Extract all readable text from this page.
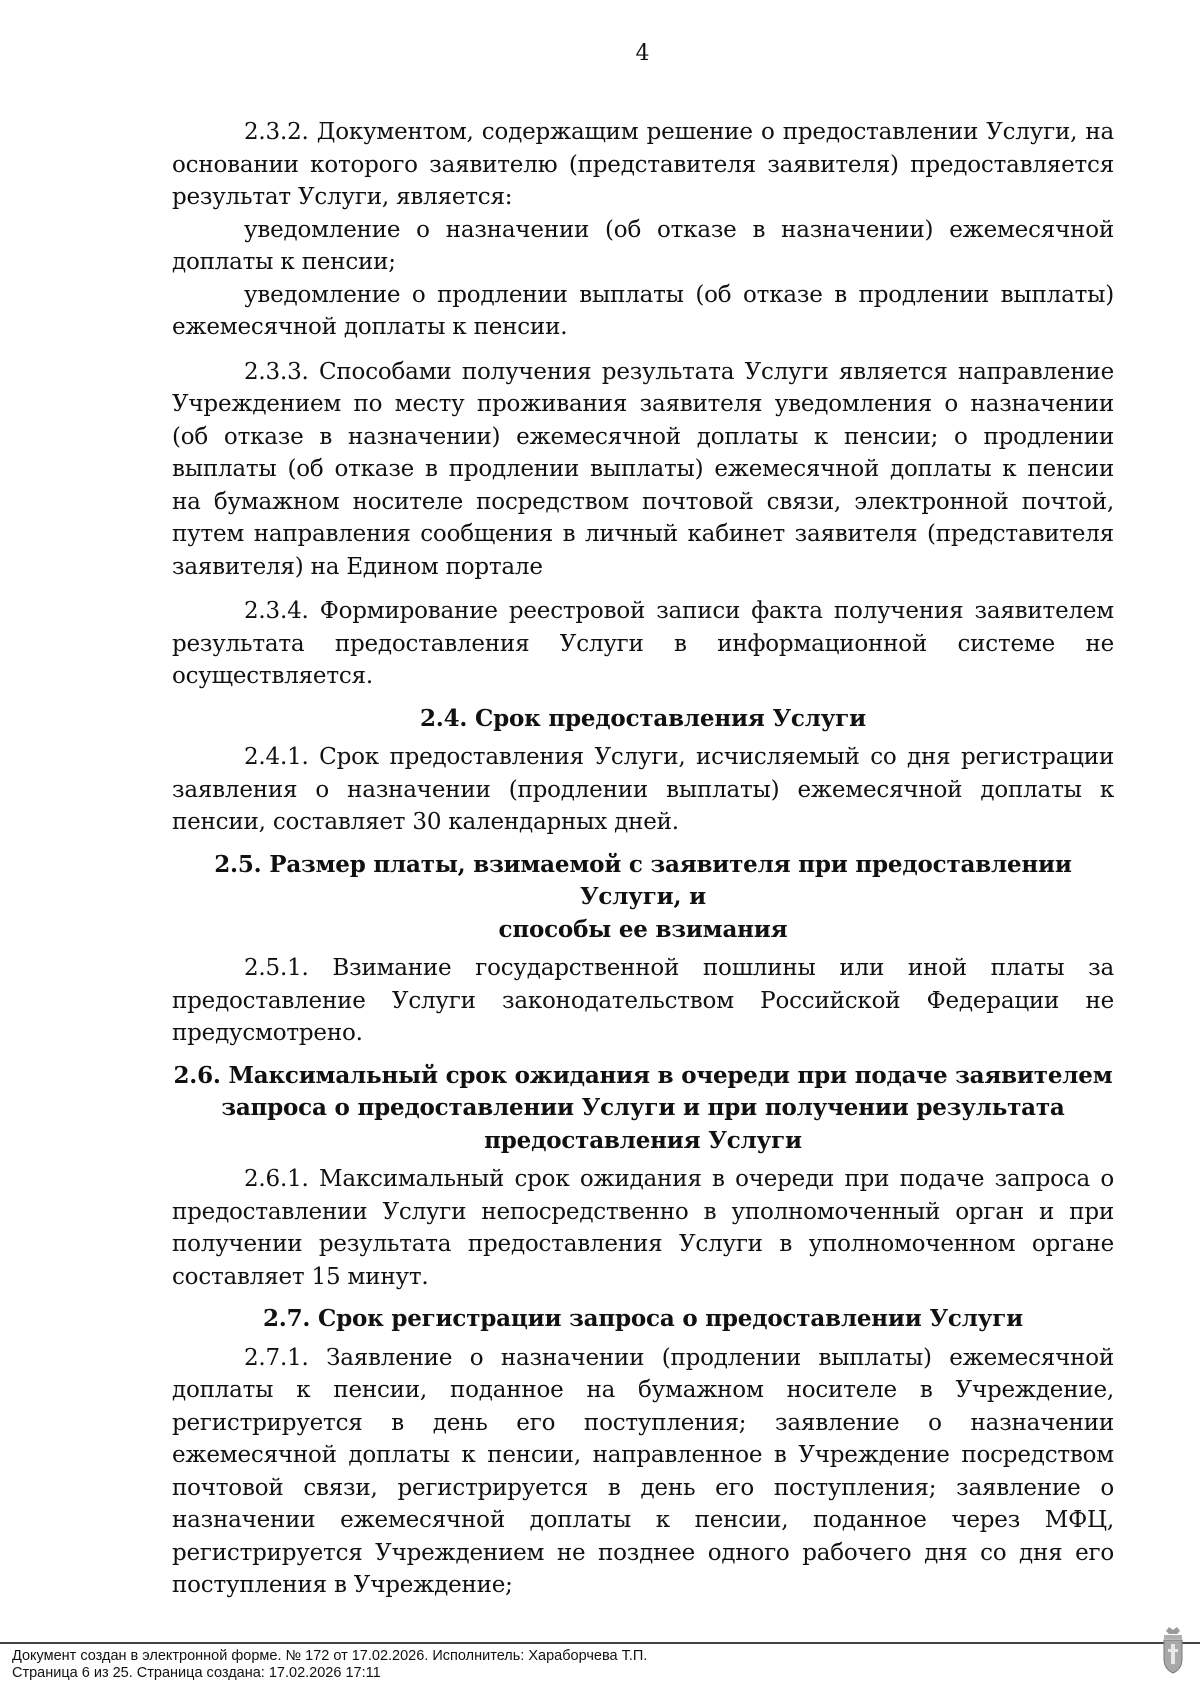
4

2.3.2. Документом, содержащим решение о предоставлении Услуги, на основании которого заявителю (представителя заявителя) предоставляется результат Услуги, является:

уведомление о назначении (об отказе в назначении) ежемесячной доплаты к пенсии;

уведомление о продлении выплаты (об отказе в продлении выплаты) ежемесячной доплаты к пенсии.

2.3.3. Способами получения результата Услуги является направление Учреждением по месту проживания заявителя уведомления о назначении (об отказе в назначении) ежемесячной доплаты к пенсии; о продлении выплаты (об отказе в продлении выплаты) ежемесячной доплаты к пенсии на бумажном носителе посредством почтовой связи, электронной почтой, путем направления сообщения в личный кабинет заявителя (представителя заявителя) на Едином портале

2.3.4. Формирование реестровой записи факта получения заявителем результата предоставления Услуги в информационной системе не осуществляется.

2.4. Срок предоставления Услуги

2.4.1. Срок предоставления Услуги, исчисляемый со дня регистрации заявления о назначении (продлении выплаты) ежемесячной доплаты к пенсии, составляет 30 календарных дней.

2.5. Размер платы, взимаемой с заявителя при предоставлении Услуги, и
способы ее взимания

2.5.1. Взимание государственной пошлины или иной платы за предоставление Услуги законодательством Российской Федерации не предусмотрено.

2.6. Максимальный срок ожидания в очереди при подаче заявителем
запроса о предоставлении Услуги и при получении результата
предоставления Услуги

2.6.1. Максимальный срок ожидания в очереди при подаче запроса о предоставлении Услуги непосредственно в уполномоченный орган и при получении результата предоставления Услуги в уполномоченном органе составляет 15 минут.

2.7. Срок регистрации запроса о предоставлении Услуги

2.7.1. Заявление о назначении (продлении выплаты) ежемесячной доплаты к пенсии, поданное на бумажном носителе в Учреждение, регистрируется в день его поступления; заявление о назначении ежемесячной доплаты к пенсии, направленное в Учреждение посредством почтовой связи, регистрируется в день его поступления; заявление о назначении ежемесячной доплаты к пенсии, поданное через МФЦ, регистрируется Учреждением не позднее одного рабочего дня со дня его поступления в Учреждение;

Документ создан в электронной форме. № 172 от 17.02.2026. Исполнитель: Хараборчева Т.П.
Страница 6 из 25. Страница создана: 17.02.2026 17:11
